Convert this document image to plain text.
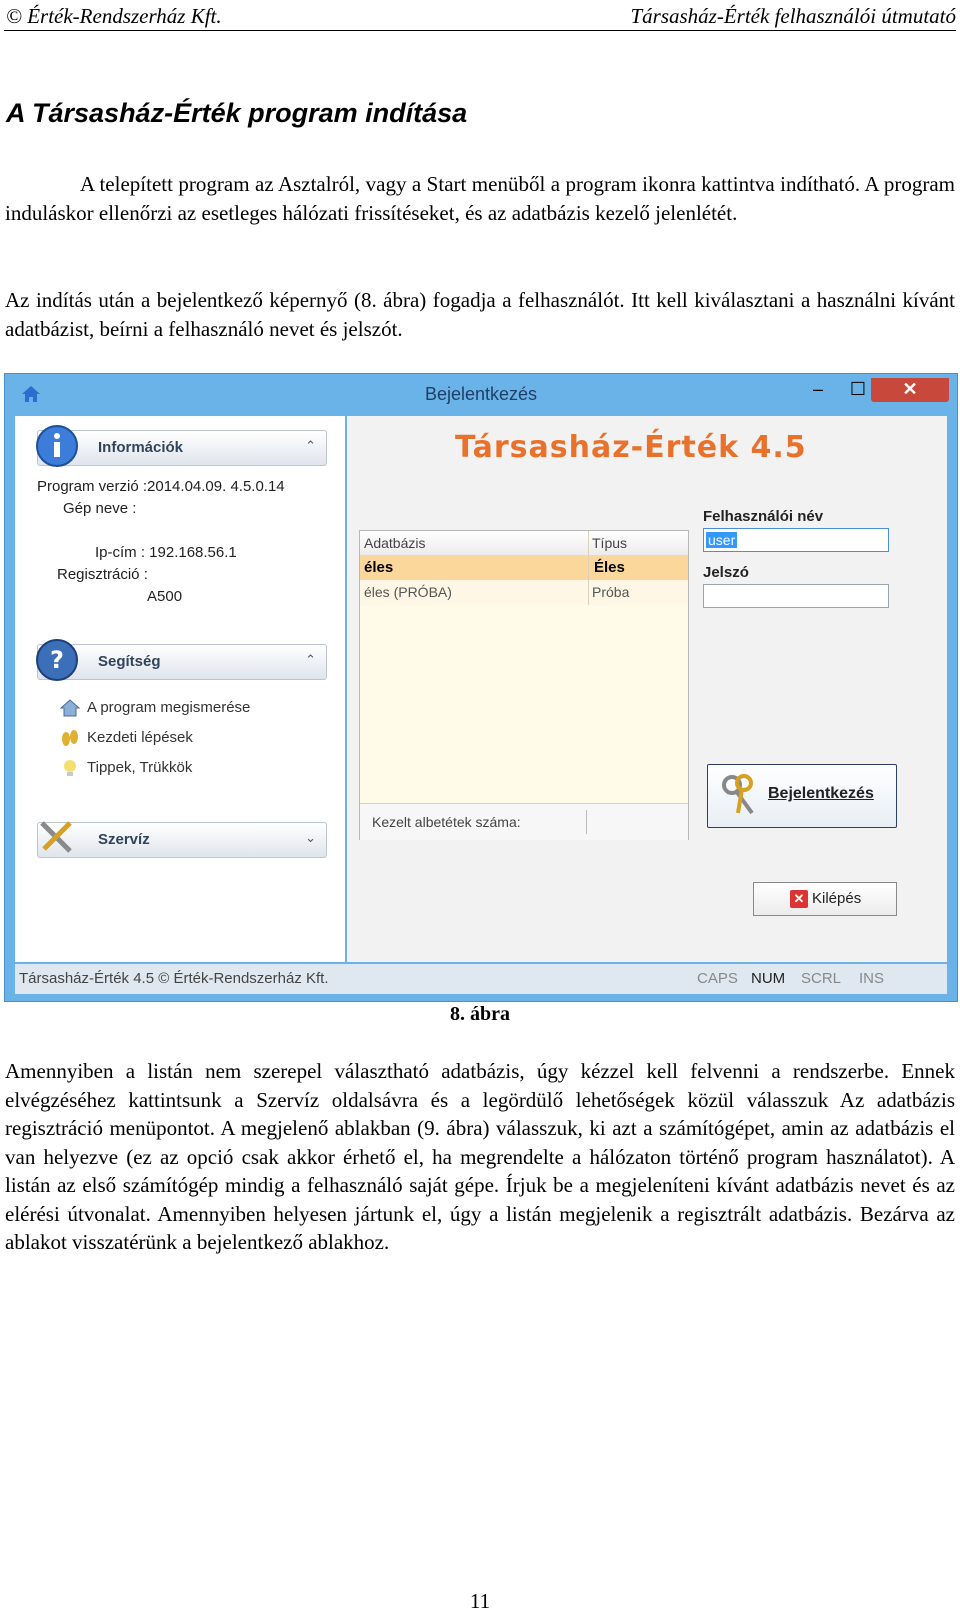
© Érték-Rendszerház Kft.	Társasház-Érték felhasználói útmutató
A Társasház-Érték program indítása

A telepített program az Asztalról, vagy a Start menüből a program ikonra kattintva indítható. A program induláskor ellenőrzi az esetleges hálózati frissítéseket, és az adatbázis kezelő jelenlétét.

Az indítás után a bejelentkező képernyő (8. ábra) fogadja a felhasználót. Itt kell kiválasztani a használni kívánt adatbázist, beírni a felhasználó nevet és jelszót.

Bejelentkezés	–	☐	✕
Információk	⌃
Program verzió :2014.04.09. 4.5.0.14
Gép neve :
Ip-cím : 192.168.56.1
Regisztráció :
A500
? Segítség	⌃
A program megismerése
Kezdeti lépések
Tippek, Trükkök
Szervíz	⌄
Társasház-Érték 4.5
Adatbázis	Típus
éles	Éles
éles (PRÓBA)	Próba
Kezelt albetétek száma:
Felhasználói név
user
Jelszó
Bejelentkezés
✕ Kilépés
Társasház-Érték 4.5 © Érték-Rendszerház Kft.	CAPS NUM SCRL INS
8. ábra

Amennyiben a listán nem szerepel választható adatbázis, úgy kézzel kell felvenni a rendszerbe. Ennek elvégzéséhez kattintsunk a Szervíz oldalsávra és a legördülő lehetőségek közül válasszuk Az adatbázis regisztráció menüpontot. A megjelenő ablakban (9. ábra) válasszuk, ki azt a számítógépet, amin az adatbázis el van helyezve (ez az opció csak akkor érhető el, ha megrendelte a hálózaton történő program használatot). A listán az első számítógép mindig a felhasználó saját gépe. Írjuk be a megjeleníteni kívánt adatbázis nevet és az elérési útvonalat. Amennyiben helyesen jártunk el, úgy a listán megjelenik a regisztrált adatbázis. Bezárva az ablakot visszatérünk a bejelentkező ablakhoz.

11
